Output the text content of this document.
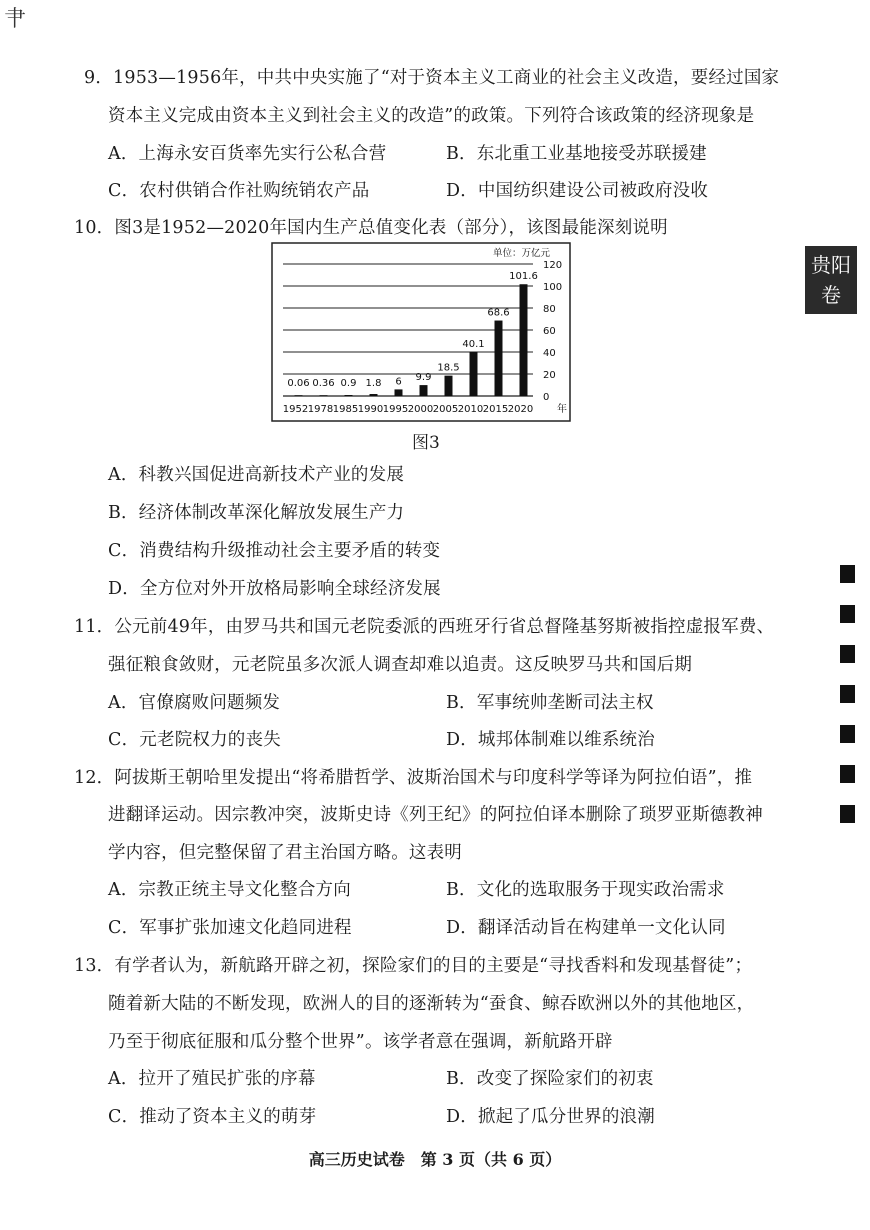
肀
贵阳卷
9．1953—1956年，中共中央实施了“对于资本主义工商业的社会主义改造，要经过国家
资本主义完成由资本主义到社会主义的改造”的政策。下列符合该政策的经济现象是
A．上海永安百货率先实行公私合营	B．东北重工业基地接受苏联援建
C．农村供销合作社购统销农产品	D．中国纺织建设公司被政府没收
10．图3是1952—2020年国内生产总值变化表（部分），该图最能深刻说明
0
20
40
60
80
100
120
单位：万亿元
0.06
1952
0.36
1978
0.9
1985
1.8
1990
6
1995
9.9
2000
18.5
2005
40.1
2010
68.6
2015
101.6
2020 年
图3
A．科教兴国促进高新技术产业的发展
B．经济体制改革深化解放发展生产力
C．消费结构升级推动社会主要矛盾的转变
D．全方位对外开放格局影响全球经济发展
11．公元前49年，由罗马共和国元老院委派的西班牙行省总督隆基努斯被指控虚报军费、
强征粮食敛财，元老院虽多次派人调查却难以追责。这反映罗马共和国后期
A．官僚腐败问题频发	B．军事统帅垄断司法主权
C．元老院权力的丧失	D．城邦体制难以维系统治
12．阿拔斯王朝哈里发提出“将希腊哲学、波斯治国术与印度科学等译为阿拉伯语”，推
进翻译运动。因宗教冲突，波斯史诗《列王纪》的阿拉伯译本删除了琐罗亚斯德教神
学内容，但完整保留了君主治国方略。这表明
A．宗教正统主导文化整合方向	B．文化的选取服务于现实政治需求
C．军事扩张加速文化趋同进程	D．翻译活动旨在构建单一文化认同
13．有学者认为，新航路开辟之初，探险家们的目的主要是“寻找香料和发现基督徒”；
随着新大陆的不断发现，欧洲人的目的逐渐转为“蚕食、鲸吞欧洲以外的其他地区，
乃至于彻底征服和瓜分整个世界”。该学者意在强调，新航路开辟
A．拉开了殖民扩张的序幕	B．改变了探险家们的初衷
C．推动了资本主义的萌芽	D．掀起了瓜分世界的浪潮
高三历史试卷　第 3 页（共 6 页）
